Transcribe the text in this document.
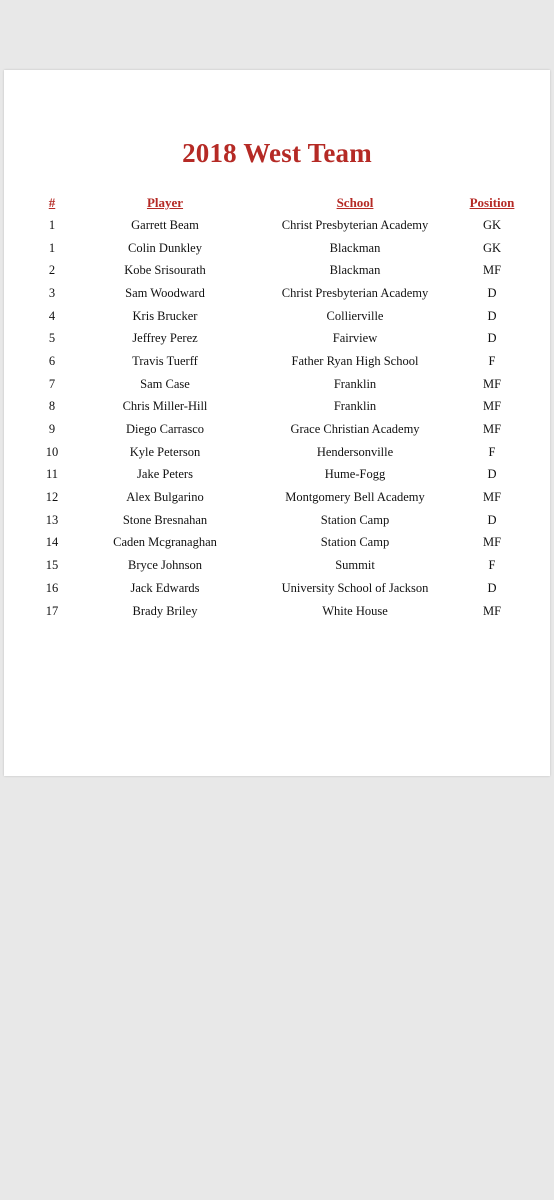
2018 West Team
#	Player	School	Position
1	Garrett Beam	Christ Presbyterian Academy	GK
1	Colin Dunkley	Blackman	GK
2	Kobe Srisourath	Blackman	MF
3	Sam Woodward	Christ Presbyterian Academy	D
4	Kris Brucker	Collierville	D
5	Jeffrey Perez	Fairview	D
6	Travis Tuerff	Father Ryan High School	F
7	Sam Case	Franklin	MF
8	Chris Miller-Hill	Franklin	MF
9	Diego Carrasco	Grace Christian Academy	MF
10	Kyle Peterson	Hendersonville	F
11	Jake Peters	Hume-Fogg	D
12	Alex Bulgarino	Montgomery Bell Academy	MF
13	Stone Bresnahan	Station Camp	D
14	Caden Mcgranaghan	Station Camp	MF
15	Bryce Johnson	Summit	F
16	Jack Edwards	University School of Jackson	D
17	Brady Briley	White House	MF
